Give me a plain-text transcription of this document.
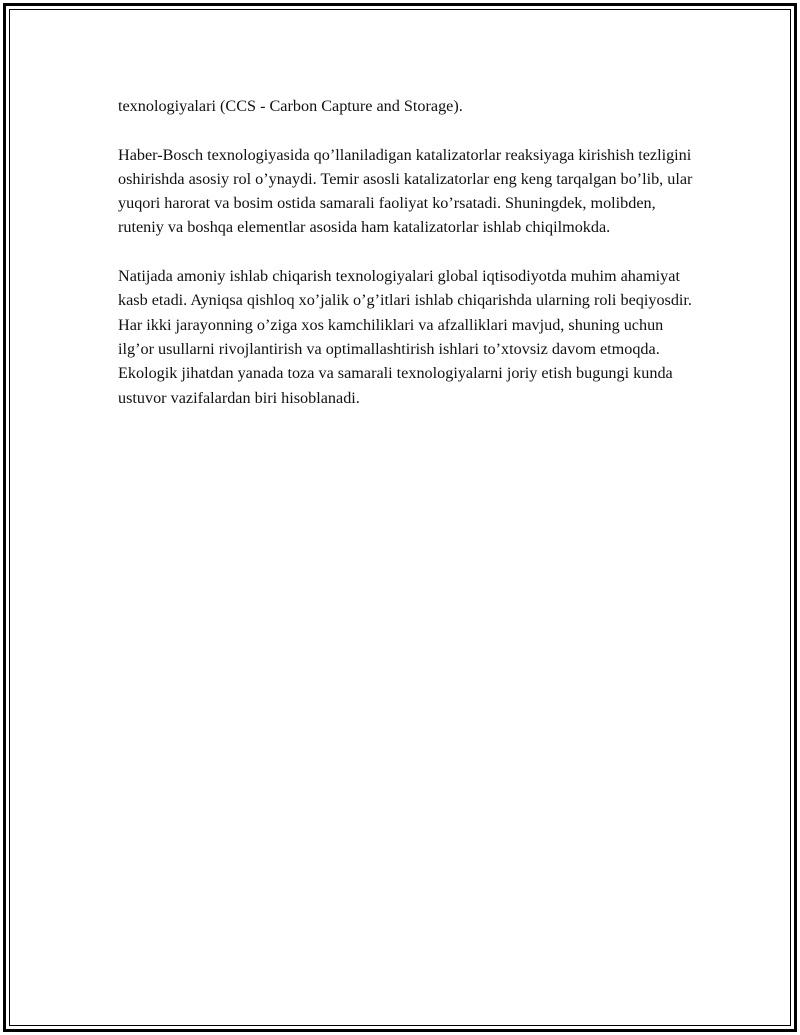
texnologiyalari (CCS - Carbon Capture and Storage).

Haber-Bosch texnologiyasida qo’llaniladigan katalizatorlar reaksiyaga kirishish tezligini oshirishda asosiy rol o’ynaydi. Temir asosli katalizatorlar eng keng tarqalgan bo’lib, ular yuqori harorat va bosim ostida samarali faoliyat ko’rsatadi. Shuningdek, molibden, ruteniy va boshqa elementlar asosida ham katalizatorlar ishlab chiqilmokda.

Natijada amoniy ishlab chiqarish texnologiyalari global iqtisodiyotda muhim ahamiyat kasb etadi. Ayniqsa qishloq xo’jalik o’g’itlari ishlab chiqarishda ularning roli beqiyosdir. Har ikki jarayonning o’ziga xos kamchiliklari va afzalliklari mavjud, shuning uchun ilg’or usullarni rivojlantirish va optimallashtirish ishlari to’xtovsiz davom etmoqda. Ekologik jihatdan yanada toza va samarali texnologiyalarni joriy etish bugungi kunda ustuvor vazifalardan biri hisoblanadi.
